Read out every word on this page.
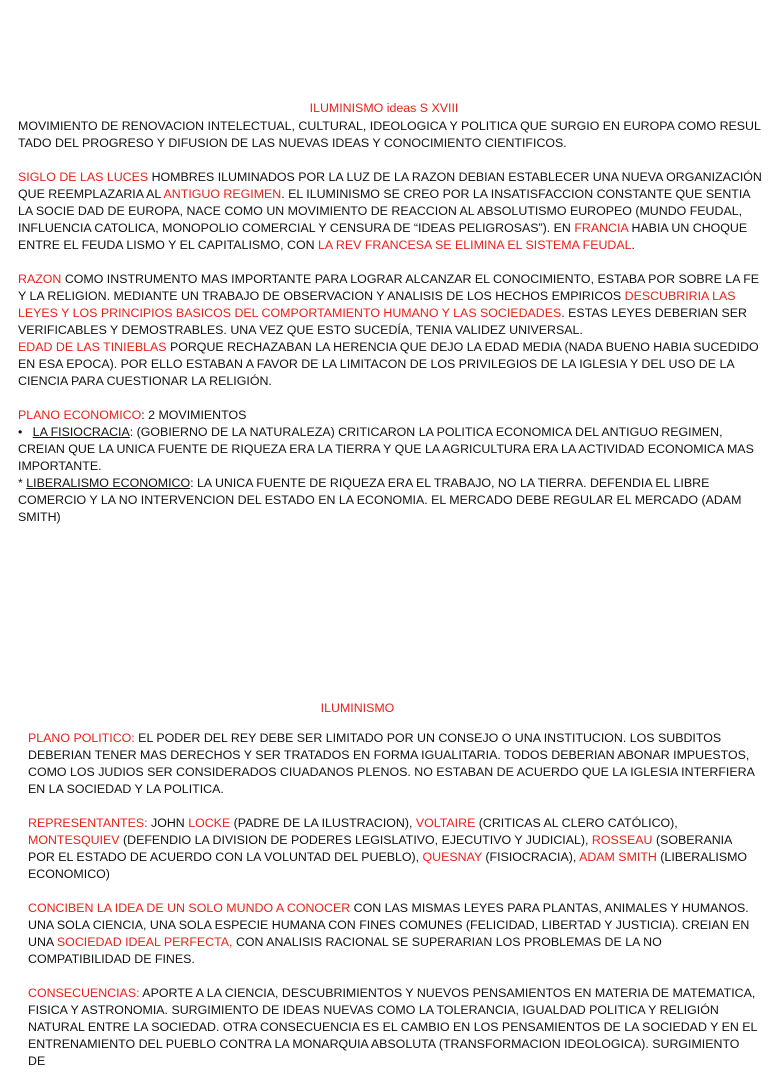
ILUMINISMO ideas S XVIII

MOVIMIENTO DE RENOVACION INTELECTUAL, CULTURAL, IDEOLOGICA Y POLITICA QUE SURGIO EN EUROPA COMO RESUL TADO DEL PROGRESO Y DIFUSION DE LAS NUEVAS IDEAS Y CONOCIMIENTO CIENTIFICOS.

SIGLO DE LAS LUCES HOMBRES ILUMINADOS POR LA LUZ DE LA RAZON DEBIAN ESTABLECER UNA NUEVA ORGANIZACIÓN QUE REEMPLAZARIA AL ANTIGUO REGIMEN. EL ILUMINISMO SE CREO POR LA INSATISFACCION CONSTANTE QUE SENTIA LA SOCIE DAD DE EUROPA, NACE COMO UN MOVIMIENTO DE REACCION AL ABSOLUTISMO EUROPEO (MUNDO FEUDAL, INFLUENCIA CATOLICA, MONOPOLIO COMERCIAL Y CENSURA DE “IDEAS PELIGROSAS”). EN FRANCIA HABIA UN CHOQUE ENTRE EL FEUDA LISMO Y EL CAPITALISMO, CON LA REV FRANCESA SE ELIMINA EL SISTEMA FEUDAL.

RAZON COMO INSTRUMENTO MAS IMPORTANTE PARA LOGRAR ALCANZAR EL CONOCIMIENTO, ESTABA POR SOBRE LA FE Y LA RELIGION. MEDIANTE UN TRABAJO DE OBSERVACION Y ANALISIS DE LOS HECHOS EMPIRICOS DESCUBRIRIA LAS LEYES Y LOS PRINCIPIOS BASICOS DEL COMPORTAMIENTO HUMANO Y LAS SOCIEDADES. ESTAS LEYES DEBERIAN SER VERIFICABLES Y DEMOSTRABLES. UNA VEZ QUE ESTO SUCEDÍA, TENIA VALIDEZ UNIVERSAL.

EDAD DE LAS TINIEBLAS PORQUE RECHAZABAN LA HERENCIA QUE DEJO LA EDAD MEDIA (NADA BUENO HABIA SUCEDIDO EN ESA EPOCA). POR ELLO ESTABAN A FAVOR DE LA LIMITACON DE LOS PRIVILEGIOS DE LA IGLESIA Y DEL USO DE LA CIENCIA PARA CUESTIONAR LA RELIGIÓN.

PLANO ECONOMICO: 2 MOVIMIENTOS

• LA FISIOCRACIA: (GOBIERNO DE LA NATURALEZA) CRITICARON LA POLITICA ECONOMICA DEL ANTIGUO REGIMEN, CREIAN QUE LA UNICA FUENTE DE RIQUEZA ERA LA TIERRA Y QUE LA AGRICULTURA ERA LA ACTIVIDAD ECONOMICA MAS IMPORTANTE.

* LIBERALISMO ECONOMICO: LA UNICA FUENTE DE RIQUEZA ERA EL TRABAJO, NO LA TIERRA. DEFENDIA EL LIBRE COMERCIO Y LA NO INTERVENCION DEL ESTADO EN LA ECONOMIA. EL MERCADO DEBE REGULAR EL MERCADO (ADAM SMITH)

ILUMINISMO

PLANO POLITICO: EL PODER DEL REY DEBE SER LIMITADO POR UN CONSEJO O UNA INSTITUCION. LOS SUBDITOS DEBERIAN TENER MAS DERECHOS Y SER TRATADOS EN FORMA IGUALITARIA. TODOS DEBERIAN ABONAR IMPUESTOS, COMO LOS JUDIOS SER CONSIDERADOS CIUADANOS PLENOS. NO ESTABAN DE ACUERDO QUE LA IGLESIA INTERFIERA EN LA SOCIEDAD Y LA POLITICA.

REPRESENTANTES: JOHN LOCKE (PADRE DE LA ILUSTRACION), VOLTAIRE (CRITICAS AL CLERO CATÓLICO), MONTESQUIEV (DEFENDIO LA DIVISION DE PODERES LEGISLATIVO, EJECUTIVO Y JUDICIAL), ROSSEAU (SOBERANIA POR EL ESTADO DE ACUERDO CON LA VOLUNTAD DEL PUEBLO), QUESNAY (FISIOCRACIA), ADAM SMITH (LIBERALISMO ECONOMICO)

CONCIBEN LA IDEA DE UN SOLO MUNDO A CONOCER CON LAS MISMAS LEYES PARA PLANTAS, ANIMALES Y HUMANOS. UNA SOLA CIENCIA, UNA SOLA ESPECIE HUMANA CON FINES COMUNES (FELICIDAD, LIBERTAD Y JUSTICIA). CREIAN EN UNA SOCIEDAD IDEAL PERFECTA, CON ANALISIS RACIONAL SE SUPERARIAN LOS PROBLEMAS DE LA NO COMPATIBILIDAD DE FINES.

CONSECUENCIAS: APORTE A LA CIENCIA, DESCUBRIMIENTOS Y NUEVOS PENSAMIENTOS EN MATERIA DE MATEMATICA, FISICA Y ASTRONOMIA. SURGIMIENTO DE IDEAS NUEVAS COMO LA TOLERANCIA, IGUALDAD POLITICA Y RELIGIÓN NATURAL ENTRE LA SOCIEDAD. OTRA CONSECUENCIA ES EL CAMBIO EN LOS PENSAMIENTOS DE LA SOCIEDAD Y EN EL ENTRENAMIENTO DEL PUEBLO CONTRA LA MONARQUIA ABSOLUTA (TRANSFORMACION IDEOLOGICA). SURGIMIENTO DE
